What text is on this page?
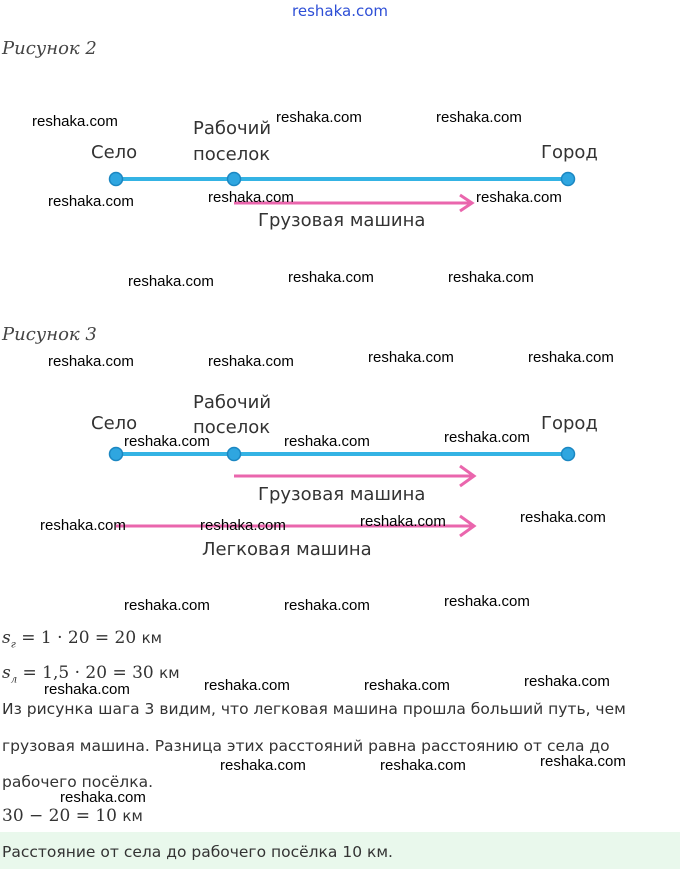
reshaka.com
Рисунок 2
Село
Рабочий
поселок	Город
Грузовая машина
Рисунок 3
Село
Рабочий
поселок	Город
Грузовая машина
Легковая машина
$s_г = 1 \cdot 20 = 20$ км
$s_л = 1,5 \cdot 20 = 30$ км
Из рисунка шага 3 видим, что легковая машина прошла больший путь, чем
грузовая машина. Разница этих расстояний равна расстоянию от села до
рабочего посёлка.
30 − 20 = 10 км
Расстояние от села до рабочего посёлка 10 км.
reshaka.com	reshaka.com	reshaka.com
reshaka.com	reshaka.com	reshaka.com
reshaka.com	reshaka.com	reshaka.com
reshaka.com	reshaka.com	reshaka.com	reshaka.com
reshaka.com	reshaka.com	reshaka.com
reshaka.com	reshaka.com	reshaka.com	reshaka.com
reshaka.com	reshaka.com	reshaka.com
reshaka.com	reshaka.com	reshaka.com	reshaka.com
reshaka.com	reshaka.com	reshaka.com
reshaka.com
